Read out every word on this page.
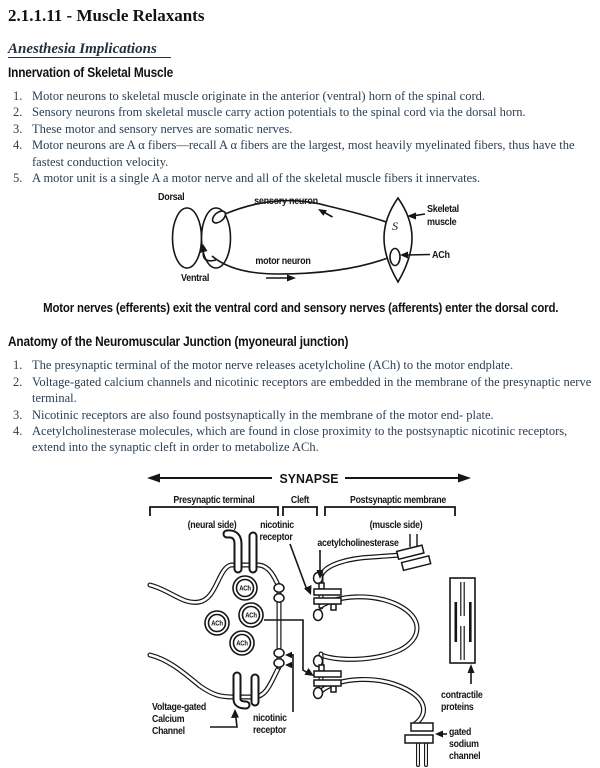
2.1.1.11 - Muscle Relaxants
Anesthesia Implications
Innervation of Skeletal Muscle
1. Motor neurons to skeletal muscle originate in the anterior (ventral) horn of the spinal cord.
2. Sensory neurons from skeletal muscle carry action potentials to the spinal cord via the dorsal horn.
3. These motor and sensory nerves are somatic nerves.
4. Motor neurons are A α fibers—recall A α fibers are the largest, most heavily myelinated fibers, thus have the fastest conduction velocity.
5. A motor unit is a single A a motor nerve and all of the skeletal muscle fibers it innervates.
Motor nerves (efferents) exit the ventral cord and sensory nerves (afferents) enter the dorsal cord.
Anatomy of the Neuromuscular Junction (myoneural junction)
1. The presynaptic terminal of the motor nerve releases acetylcholine (ACh) to the motor endplate.
2. Voltage-gated calcium channels and nicotinic receptors are embedded in the membrane of the presynaptic nerve terminal.
3. Nicotinic receptors are also found postsynaptically in the membrane of the motor end- plate.
4. Acetylcholinesterase molecules, which are found in close proximity to the postsynaptic nicotinic receptors, extend into the synaptic cleft in order to metabolize ACh.
S
Dorsal
Ventral
sensory neuron
motor neuron
Skeletal
muscle
ACh
SYNAPSE
Presynaptic terminal	Cleft	Postsynaptic membrane
(neural side)	(muscle side)
ACh
ACh
ACh
ACh
nicotinic
receptor
acetylcholinesterase
Voltage-gated
Calcium
Channel
nicotinic
receptor
contractile
proteins
gated
sodium
channel
